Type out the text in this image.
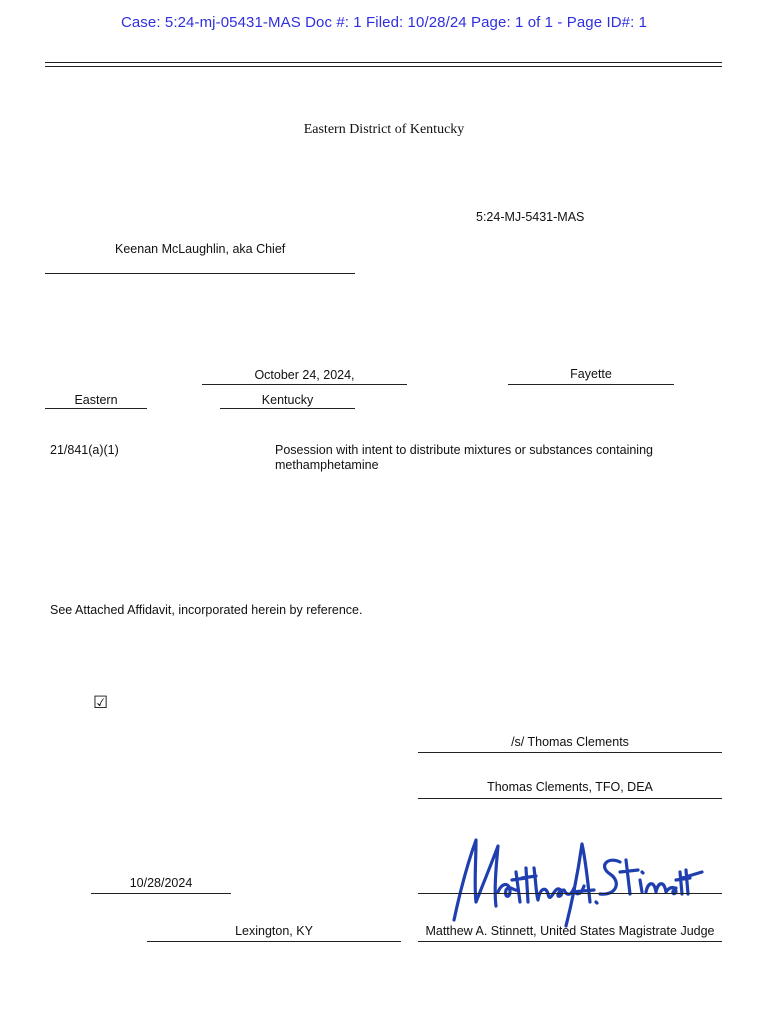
Case: 5:24-mj-05431-MAS Doc #: 1 Filed: 10/28/24 Page: 1 of 1 - Page ID#: 1
Eastern District of Kentucky
5:24-MJ-5431-MAS
Keenan McLaughlin, aka Chief
October 24, 2024,	Fayette
Eastern	Kentucky
21/841(a)(1)	Posession with intent to distribute mixtures or substances containing methamphetamine
See Attached Affidavit, incorporated herein by reference.
☑
/s/ Thomas Clements
Thomas Clements, TFO, DEA
10/28/2024
Lexington, KY	Matthew A. Stinnett, United States Magistrate Judge
